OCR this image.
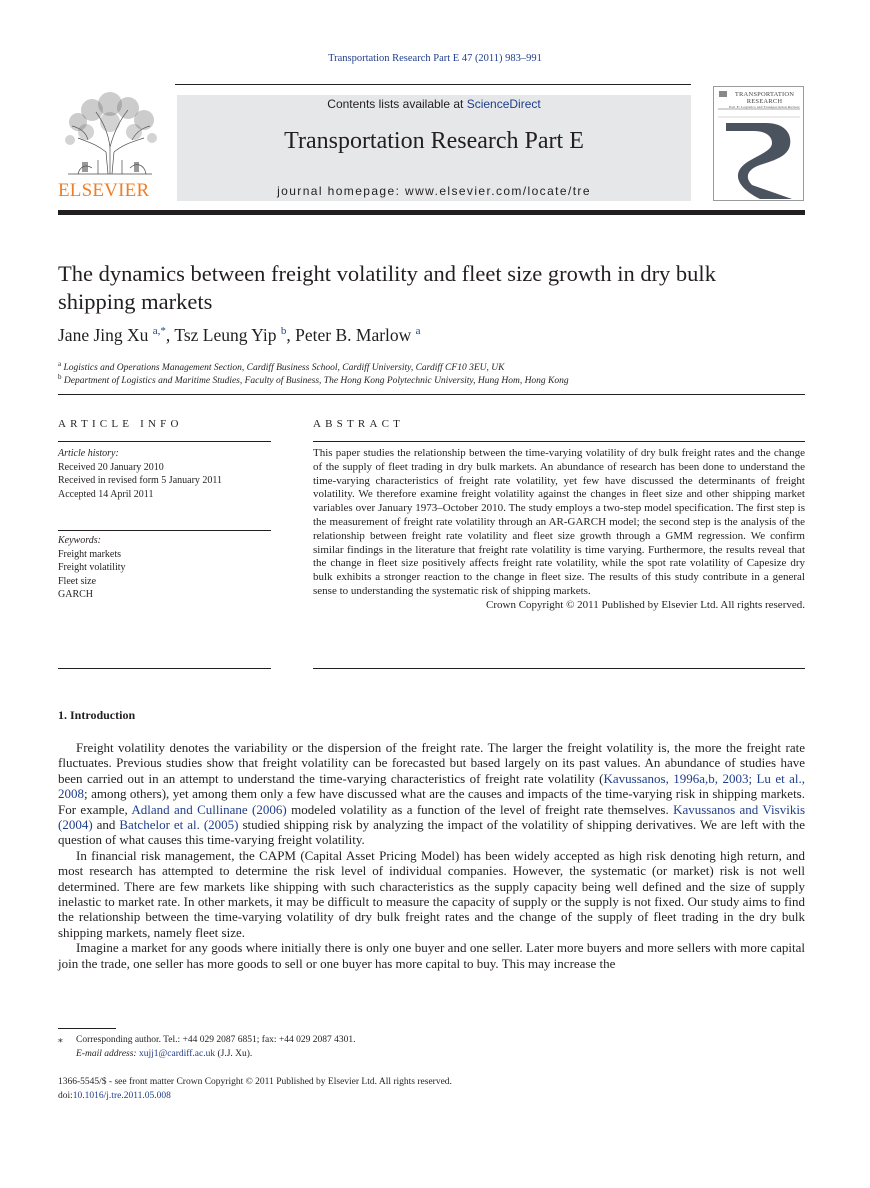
Transportation Research Part E 47 (2011) 983–991
ELSEVIER
Contents lists available at ScienceDirect
Transportation Research Part E
journal homepage: www.elsevier.com/locate/tre
TRANSPORTATION
RESEARCH
Part E: Logistics and Transportation Review
The dynamics between freight volatility and fleet size growth in dry bulk shipping markets
Jane Jing Xu $^{a,*}$, Tsz Leung Yip $^b$, Peter B. Marlow $^a$
$^a$ Logistics and Operations Management Section, Cardiff Business School, Cardiff University, Cardiff CF10 3EU, UK
$^b$ Department of Logistics and Maritime Studies, Faculty of Business, The Hong Kong Polytechnic University, Hung Hom, Hong Kong
ARTICLE INFO	ABSTRACT
Article history:
Received 20 January 2010
Received in revised form 5 January 2011
Accepted 14 April 2011
Keywords:
Freight markets
Freight volatility
Fleet size
GARCH
This paper studies the relationship between the time-varying volatility of dry bulk freight rates and the change of the supply of fleet trading in dry bulk markets. An abundance of research has been done to understand the time-varying characteristics of freight rate volatility, yet few have discussed the determinants of freight volatility. We therefore examine freight volatility against the changes in fleet size and other shipping market variables over January 1973–October 2010. The study employs a two-step model specification. The first step is the measurement of freight rate volatility through an AR-GARCH model; the second step is the analysis of the relationship between freight rate volatility and fleet size growth through a GMM regression. We confirm similar findings in the literature that freight rate volatility is time varying. Furthermore, the results reveal that the change in fleet size positively affects freight rate volatility, while the spot rate volatility of Capesize dry bulk exhibits a stronger reaction to the change in fleet size. The results of this study contribute in a general sense to understanding the systematic risk of shipping markets.
Crown Copyright © 2011 Published by Elsevier Ltd. All rights reserved.
1. Introduction

Freight volatility denotes the variability or the dispersion of the freight rate. The larger the freight volatility is, the more the freight rate fluctuates. Previous studies show that freight volatility can be forecasted but based largely on its past values. An abundance of studies have been carried out in an attempt to understand the time-varying characteristics of freight rate volatility (Kavussanos, 1996a,b, 2003; Lu et al., 2008; among others), yet among them only a few have discussed what are the causes and impacts of the time-varying risk in shipping markets. For example, Adland and Cullinane (2006) modeled volatility as a function of the level of freight rate themselves. Kavussanos and Visvikis (2004) and Batchelor et al. (2005) studied shipping risk by analyzing the impact of the volatility of shipping derivatives. We are left with the question of what causes this time-varying freight volatility.

In financial risk management, the CAPM (Capital Asset Pricing Model) has been widely accepted as high risk denoting high return, and most research has attempted to determine the risk level of individual companies. However, the systematic (or market) risk is not well determined. There are few markets like shipping with such characteristics as the supply capacity being well defined and the size of supply inelastic to market rate. In other markets, it may be difficult to measure the capacity of supply or the supply is not fixed. Our study aims to find the relationship between the time-varying volatility of dry bulk freight rates and the change of the supply of fleet trading in the dry bulk shipping markets, namely fleet size.

Imagine a market for any goods where initially there is only one buyer and one seller. Later more buyers and more sellers with more capital join the trade, one seller has more goods to sell or one buyer has more capital to buy. This may increase the

⁎ Corresponding author. Tel.: +44 029 2087 6851; fax: +44 029 2087 4301.
E-mail address: xujj1@cardiff.ac.uk (J.J. Xu).
1366-5545/$ - see front matter Crown Copyright © 2011 Published by Elsevier Ltd. All rights reserved.
doi:10.1016/j.tre.2011.05.008
